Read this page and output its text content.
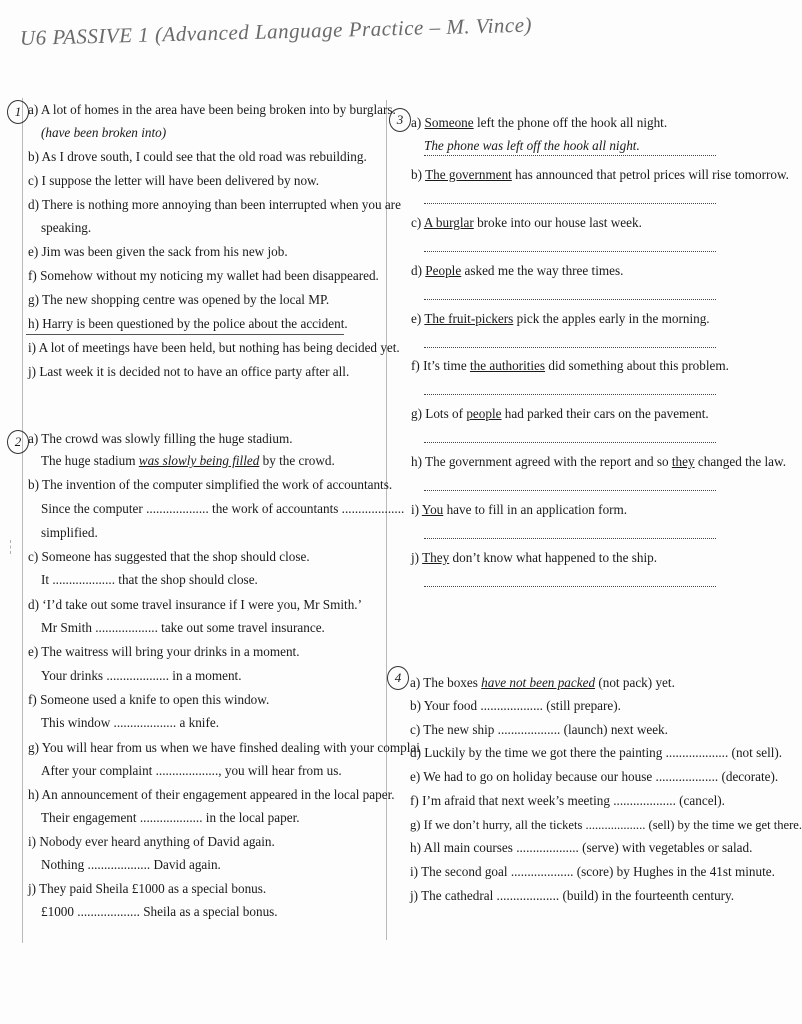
U6 PASSIVE 1 (Advanced Language Practice – M. Vince)
1 a) A lot of homes in the area have been being broken into by burglars.
(have been broken into)
b) As I drove south, I could see that the old road was rebuilding.
c) I suppose the letter will have been delivered by now.
d) There is nothing more annoying than been interrupted when you are
speaking.
e) Jim was been given the sack from his new job.
f) Somehow without my noticing my wallet had been disappeared.
g) The new shopping centre was opened by the local MP.
h) Harry is been questioned by the police about the accident.
i) A lot of meetings have been held, but nothing has being decided yet.
j) Last week it is decided not to have an office party after all.
2 a) The crowd was slowly filling the huge stadium.
The huge stadium was slowly being filled by the crowd.
b) The invention of the computer simplified the work of accountants.
Since the computer ................... the work of accountants ...................
simplified.
c) Someone has suggested that the shop should close.
It ................... that the shop should close.
d) ‘I’d take out some travel insurance if I were you, Mr Smith.’
Mr Smith ................... take out some travel insurance.
e) The waitress will bring your drinks in a moment.
Your drinks ................... in a moment.
f) Someone used a knife to open this window.
This window ................... a knife.
g) You will hear from us when we have finshed dealing with your complai
After your complaint ..................., you will hear from us.
h) An announcement of their engagement appeared in the local paper.
Their engagement ................... in the local paper.
i) Nobody ever heard anything of David again.
Nothing ................... David again.
j) They paid Sheila £1000 as a special bonus.
£1000 ................... Sheila as a special bonus.
3 a) Someone left the phone off the hook all night.
The phone was left off the hook all night.
b) The government has announced that petrol prices will rise tomorrow.
c) A burglar broke into our house last week.
d) People asked me the way three times.
e) The fruit-pickers pick the apples early in the morning.
f) It’s time the authorities did something about this problem.
g) Lots of people had parked their cars on the pavement.
h) The government agreed with the report and so they changed the law.
i) You have to fill in an application form.
j) They don’t know what happened to the ship.
4 a) The boxes have not been packed (not pack) yet.
b) Your food ................... (still prepare).
c) The new ship ................... (launch) next week.
d) Luckily by the time we got there the painting ................... (not sell).
e) We had to go on holiday because our house ................... (decorate).
f) I’m afraid that next week’s meeting ................... (cancel).
g) If we don’t hurry, all the tickets ................... (sell) by the time we get there.
h) All main courses ................... (serve) with vegetables or salad.
i) The second goal ................... (score) by Hughes in the 41st minute.
j) The cathedral ................... (build) in the fourteenth century.
